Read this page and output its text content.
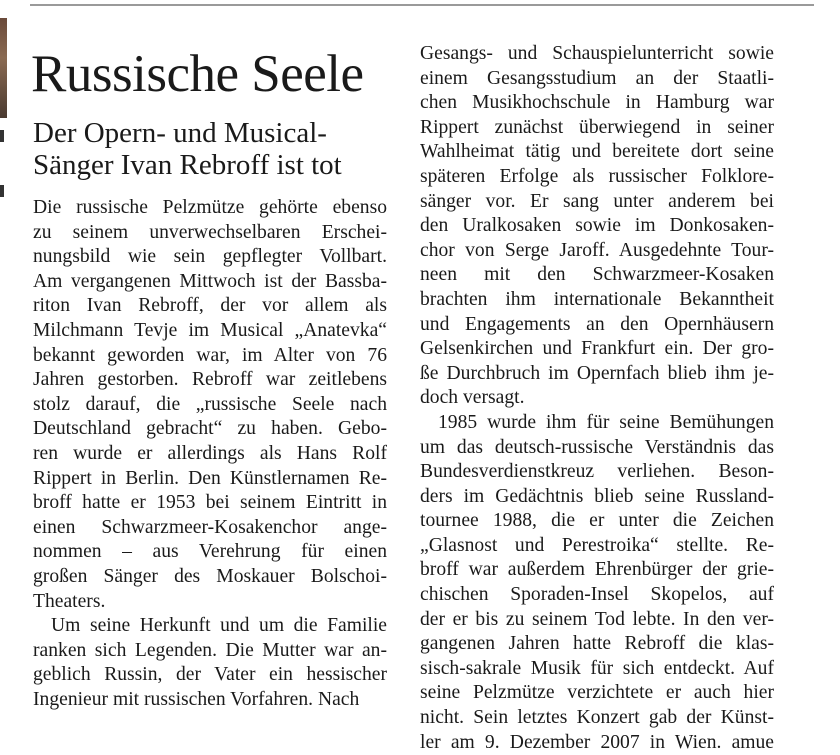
Russische Seele
Der Opern- und Musical-
Sänger Ivan Rebroff ist tot
Die russische Pelzmütze gehörte ebenso
zu seinem unverwechselbaren Erschei-
nungsbild wie sein gepflegter Vollbart.
Am vergangenen Mittwoch ist der Bassba-
riton Ivan Rebroff, der vor allem als
Milchmann Tevje im Musical „Anatevka“
bekannt geworden war, im Alter von 76
Jahren gestorben. Rebroff war zeitlebens
stolz darauf, die „russische Seele nach
Deutschland gebracht“ zu haben. Gebo-
ren wurde er allerdings als Hans Rolf
Rippert in Berlin. Den Künstlernamen Re-
broff hatte er 1953 bei seinem Eintritt in
einen Schwarzmeer-Kosakenchor ange-
nommen – aus Verehrung für einen
großen Sänger des Moskauer Bolschoi-
Theaters.
Um seine Herkunft und um die Familie
ranken sich Legenden. Die Mutter war an-
geblich Russin, der Vater ein hessischer
Ingenieur mit russischen Vorfahren. Nach
Gesangs- und Schauspielunterricht sowie
einem Gesangsstudium an der Staatli-
chen Musikhochschule in Hamburg war
Rippert zunächst überwiegend in seiner
Wahlheimat tätig und bereitete dort seine
späteren Erfolge als russischer Folklore-
sänger vor. Er sang unter anderem bei
den Uralkosaken sowie im Donkosaken-
chor von Serge Jaroff. Ausgedehnte Tour-
neen mit den Schwarzmeer-Kosaken
brachten ihm internationale Bekanntheit
und Engagements an den Opernhäusern
Gelsenkirchen und Frankfurt ein. Der gro-
ße Durchbruch im Opernfach blieb ihm je-
doch versagt.
1985 wurde ihm für seine Bemühungen
um das deutsch-russische Verständnis das
Bundesverdienstkreuz verliehen. Beson-
ders im Gedächtnis blieb seine Russland-
tournee 1988, die er unter die Zeichen
„Glasnost und Perestroika“ stellte. Re-
broff war außerdem Ehrenbürger der grie-
chischen Sporaden-Insel Skopelos, auf
der er bis zu seinem Tod lebte. In den ver-
gangenen Jahren hatte Rebroff die klas-
sisch-sakrale Musik für sich entdeckt. Auf
seine Pelzmütze verzichtete er auch hier
nicht. Sein letztes Konzert gab der Künst-
ler am 9. Dezember 2007 in Wien. amue
